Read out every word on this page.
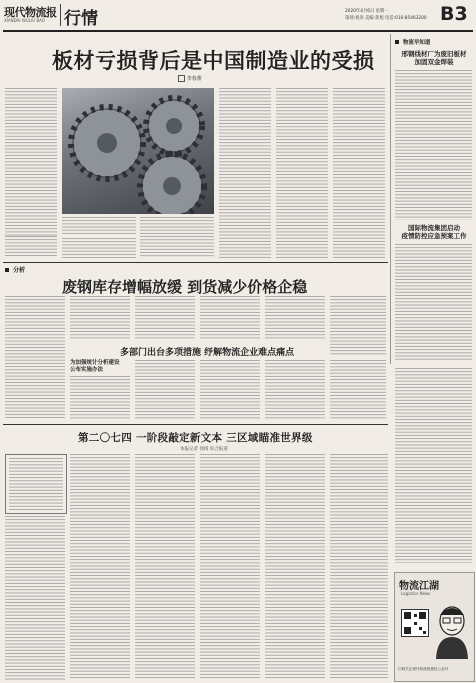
现代物流报
XIANDAI WULIU BAO 行情	2020年4月6日 星期一
策划:刘涛 美编:蒋旭 电话:010-85463200 B3
板材亏损背后是中国制造业的受损
李春蕾
物流早知道
邢钢线材厂为废旧板材
加固双金焊装
国际物流集团启动
疫情防控应急预案工作
分析
废钢库存增幅放缓 到货减少价格企稳
多部门出台多项措施 纾解物流企业难点痛点
为加强统计分析建设
公布实施办法
第二〇七四 一阶段敲定新文本 三区域瞄准世界级
本报记者 徐扬 综合报道
物流江湖
Logistics News
扫码关注现代物流报微信公众号
